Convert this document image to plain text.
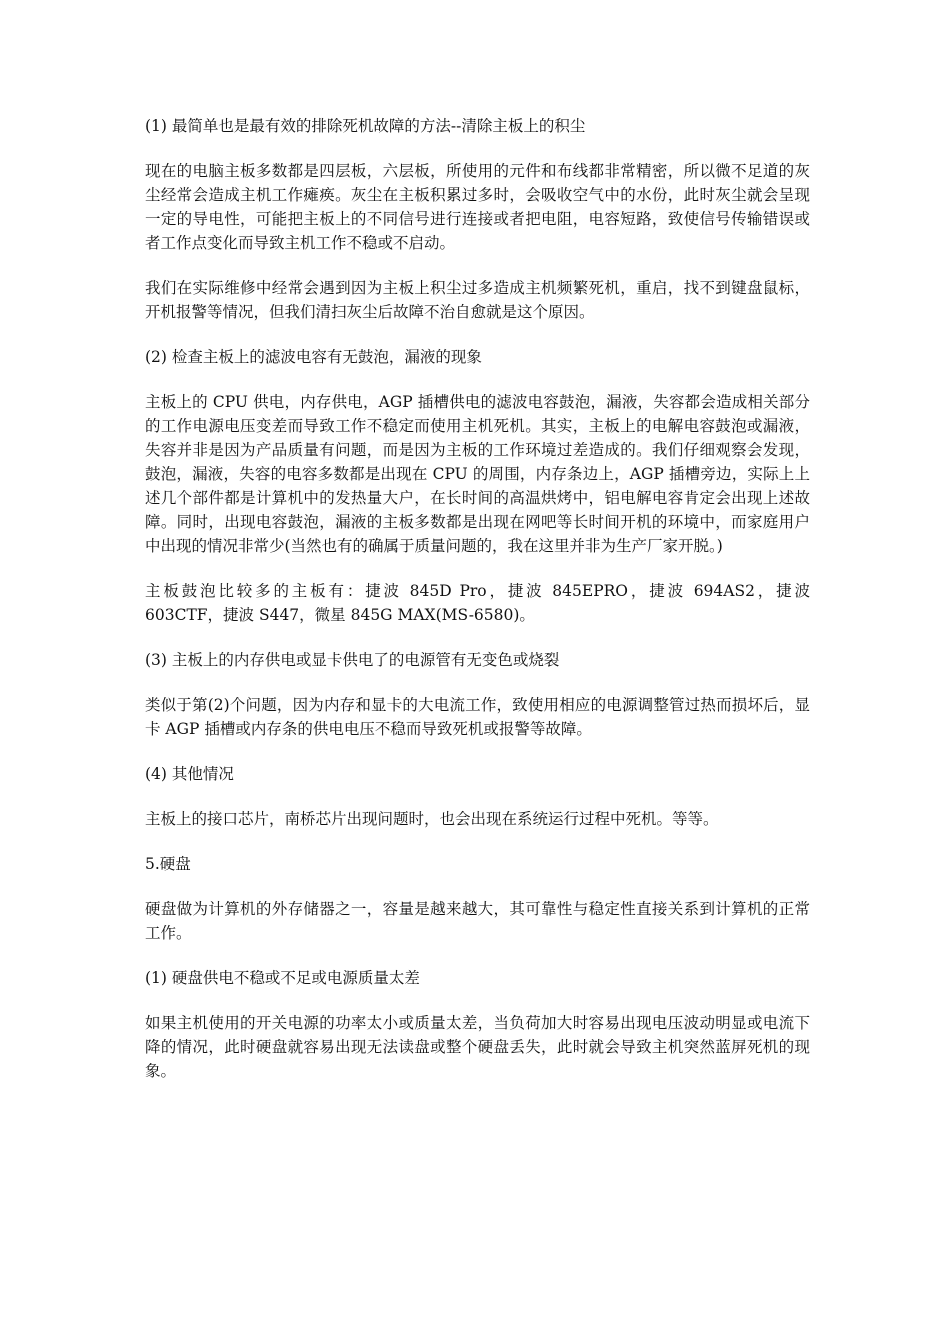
(1) 最简单也是最有效的排除死机故障的方法--清除主板上的积尘

现在的电脑主板多数都是四层板，六层板，所使用的元件和布线都非常精密，所以微不足道的灰尘经常会造成主机工作瘫痪。灰尘在主板积累过多时，会吸收空气中的水份，此时灰尘就会呈现一定的导电性，可能把主板上的不同信号进行连接或者把电阻，电容短路，致使信号传输错误或者工作点变化而导致主机工作不稳或不启动。

我们在实际维修中经常会遇到因为主板上积尘过多造成主机频繁死机，重启，找不到键盘鼠标，开机报警等情况，但我们清扫灰尘后故障不治自愈就是这个原因。

(2) 检查主板上的滤波电容有无鼓泡，漏液的现象

主板上的 CPU 供电，内存供电，AGP 插槽供电的滤波电容鼓泡，漏液，失容都会造成相关部分的工作电源电压变差而导致工作不稳定而使用主机死机。其实，主板上的电解电容鼓泡或漏液，失容并非是因为产品质量有问题，而是因为主板的工作环境过差造成的。我们仔细观察会发现，鼓泡，漏液，失容的电容多数都是出现在 CPU 的周围，内存条边上，AGP 插槽旁边，实际上上述几个部件都是计算机中的发热量大户，在长时间的高温烘烤中，铝电解电容肯定会出现上述故障。同时，出现电容鼓泡，漏液的主板多数都是出现在网吧等长时间开机的环境中，而家庭用户中出现的情况非常少(当然也有的确属于质量问题的，我在这里并非为生产厂家开脱。)

主板鼓泡比较多的主板有：捷波 845D Pro，捷波 845EPRO，捷波 694AS2，捷波 603CTF，捷波 S447，微星 845G MAX(MS-6580)。

(3) 主板上的内存供电或显卡供电了的电源管有无变色或烧裂

类似于第(2)个问题，因为内存和显卡的大电流工作，致使用相应的电源调整管过热而损坏后，显卡 AGP 插槽或内存条的供电电压不稳而导致死机或报警等故障。

(4) 其他情况

主板上的接口芯片，南桥芯片出现问题时，也会出现在系统运行过程中死机。等等。

5.硬盘

硬盘做为计算机的外存储器之一，容量是越来越大，其可靠性与稳定性直接关系到计算机的正常工作。

(1) 硬盘供电不稳或不足或电源质量太差

如果主机使用的开关电源的功率太小或质量太差，当负荷加大时容易出现电压波动明显或电流下降的情况，此时硬盘就容易出现无法读盘或整个硬盘丢失，此时就会导致主机突然蓝屏死机的现象。
